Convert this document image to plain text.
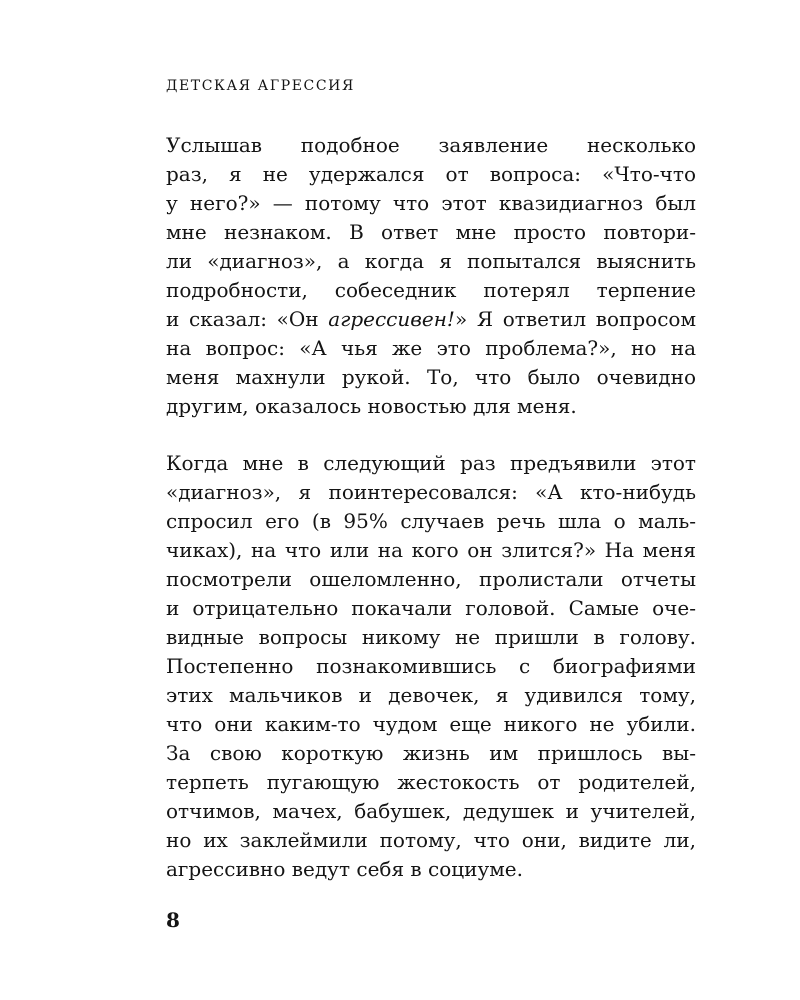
ДЕТСКАЯ АГРЕССИЯ
Услышав подобное заявление несколько
раз, я не удержался от вопроса: «Что-что
у него?» — потому что этот квазидиагноз был
мне незнаком. В ответ мне просто повтори-
ли «диагноз», а когда я попытался выяснить
подробности, собеседник потерял терпение
и сказал: «Он агрессивен!» Я ответил вопросом
на вопрос: «А чья же это проблема?», но на
меня махнули рукой. То, что было очевидно
другим, оказалось новостью для меня.
Когда мне в следующий раз предъявили этот
«диагноз», я поинтересовался: «А кто-нибудь
спросил его (в 95% случаев речь шла о маль-
чиках), на что или на кого он злится?» На меня
посмотрели ошеломленно, пролистали отчеты
и отрицательно покачали головой. Самые оче-
видные вопросы никому не пришли в голову.
Постепенно познакомившись с биографиями
этих мальчиков и девочек, я удивился тому,
что они каким-то чудом еще никого не убили.
За свою короткую жизнь им пришлось вы-
терпеть пугающую жестокость от родителей,
отчимов, мачех, бабушек, дедушек и учителей,
но их заклеймили потому, что они, видите ли,
агрессивно ведут себя в социуме.
8
